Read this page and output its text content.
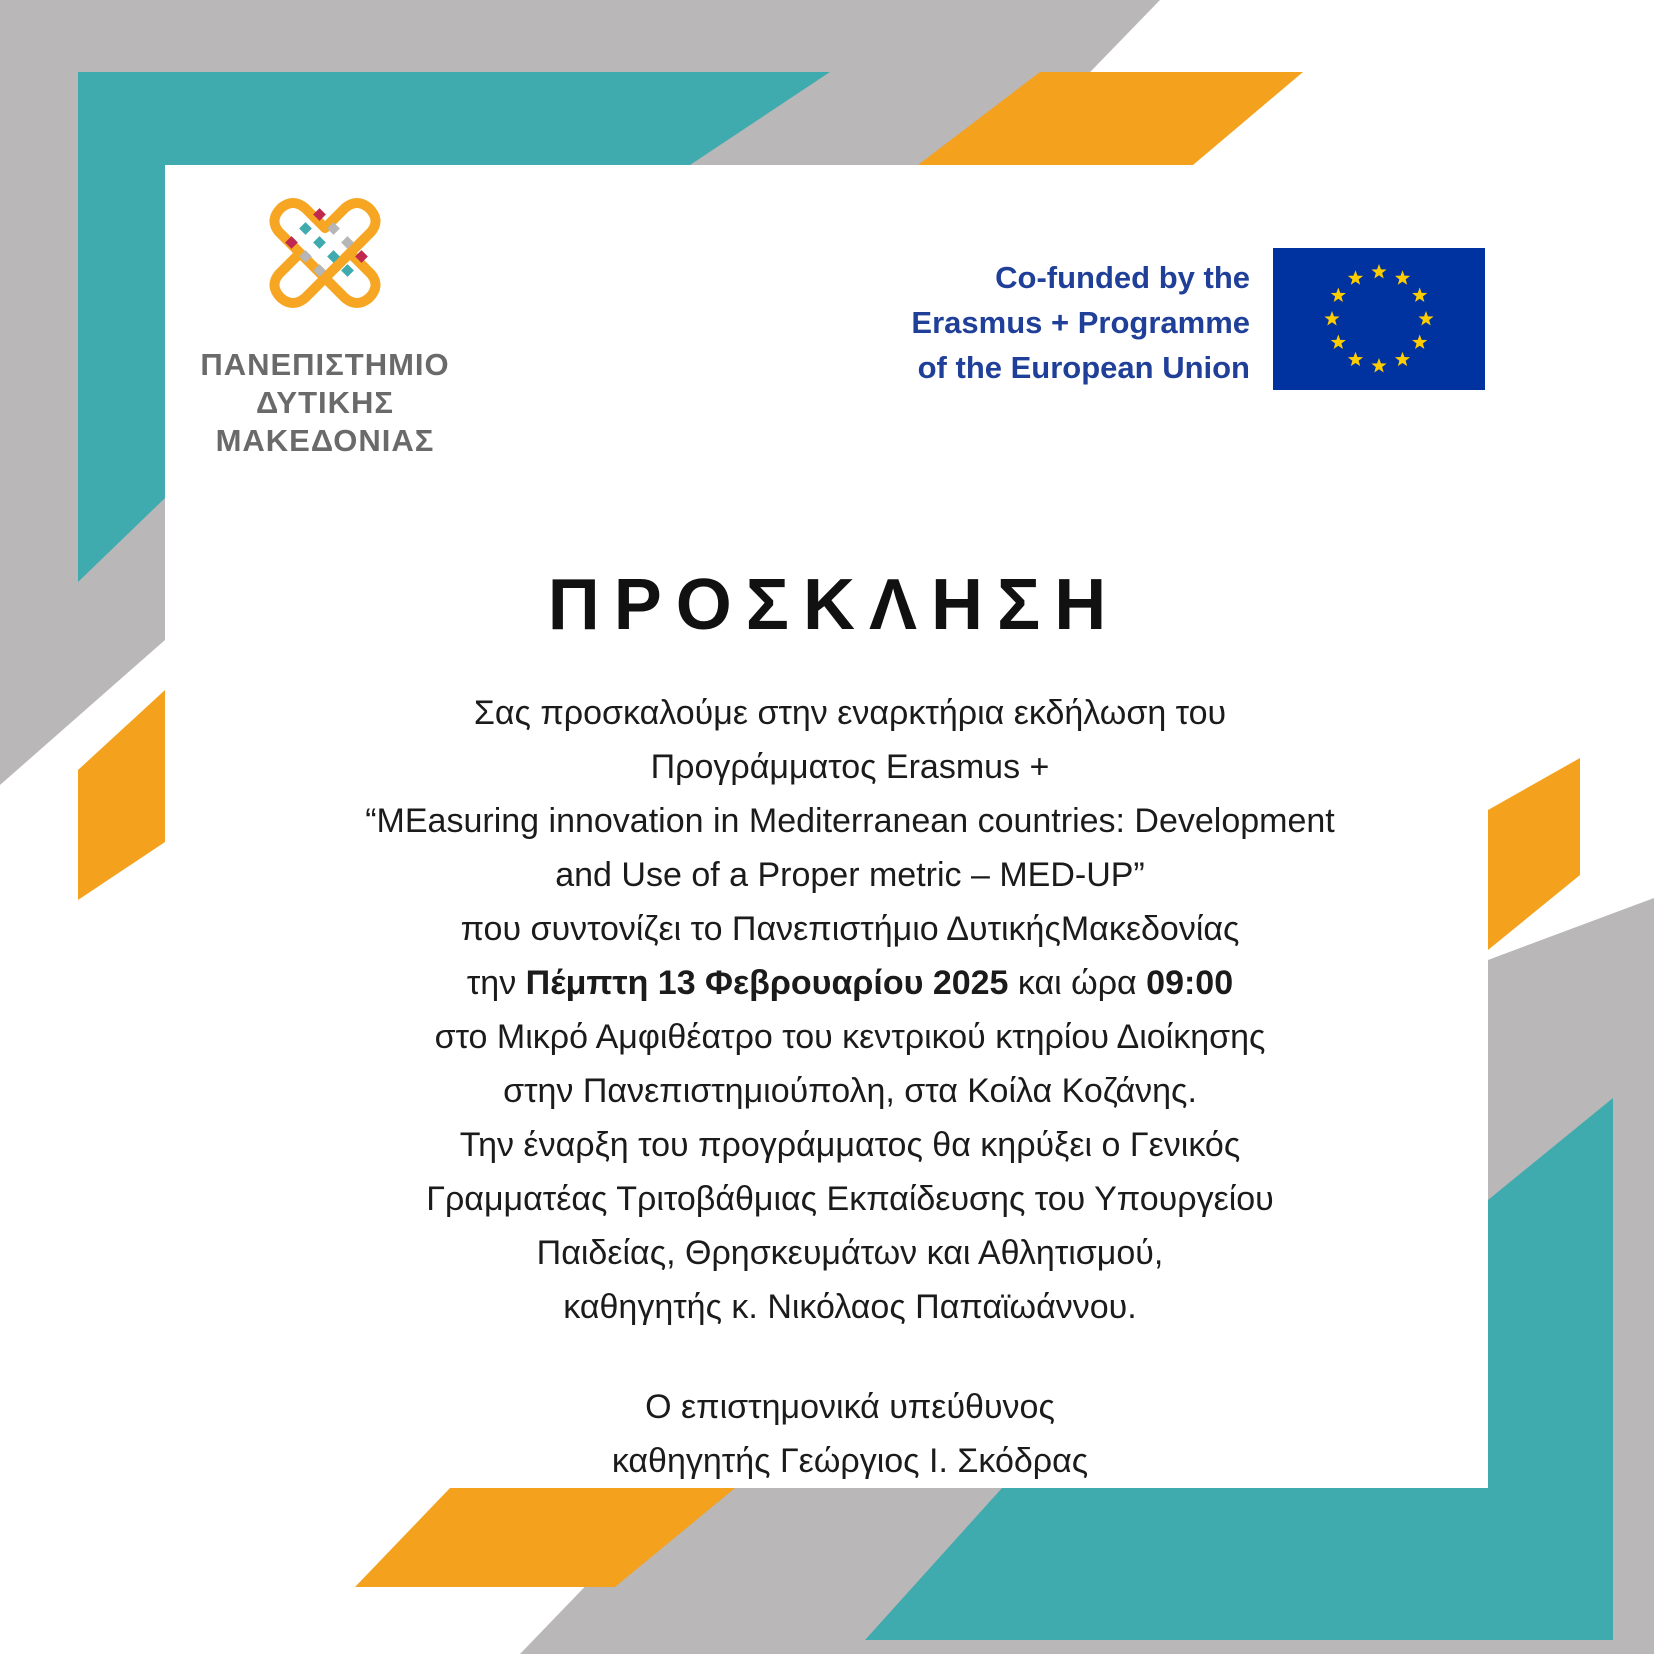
ΠΑΝΕΠΙΣΤΗΜΙΟ
ΔΥΤΙΚΗΣ
ΜΑΚΕΔΟΝΙΑΣ
Co-funded by the
Erasmus + Programme
of the European Union
ΠΡΟΣΚΛΗΣΗ
Σας προσκαλούμε στην εναρκτήρια εκδήλωση του
Προγράμματος Erasmus +
“MEasuring innovation in Mediterranean countries: Development
and Use of a Proper metric – MED-UP”
που συντονίζει το Πανεπιστήμιο ΔυτικήςΜακεδονίας
την Πέμπτη 13 Φεβρουαρίου 2025 και ώρα 09:00
στο Μικρό Αμφιθέατρο του κεντρικού κτηρίου Διοίκησης
στην Πανεπιστημιούπολη, στα Κοίλα Κοζάνης.
Την έναρξη του προγράμματος θα κηρύξει ο Γενικός
Γραμματέας Τριτοβάθμιας Εκπαίδευσης του Υπουργείου
Παιδείας, Θρησκευμάτων και Αθλητισμού,
καθηγητής κ. Νικόλαος Παπαϊωάννου.
Ο επιστημονικά υπεύθυνος
καθηγητής Γεώργιος Ι. Σκόδρας
